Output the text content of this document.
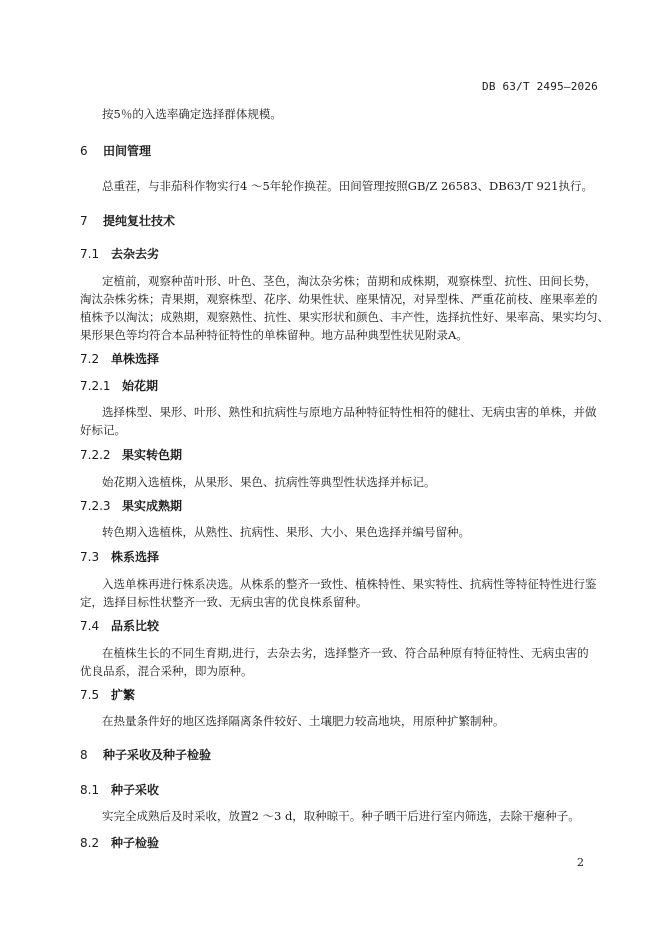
DB 63/T 2495—2026
按5％的入选率确定选择群体规模。
6 田间管理
总重茬，与非茄科作物实行4 ～5年轮作换茬。田间管理按照GB/Z 26583、DB63/T 921执行。
7 提纯复壮技术
7.1 去杂去劣
定植前，观察种苗叶形、叶色、茎色，淘汰杂劣株；苗期和成株期，观察株型、抗性、田间长势，
淘汰杂株劣株；青果期，观察株型、花序、幼果性状、座果情况，对异型株、严重花前枝、座果率差的
植株予以淘汰；成熟期，观察熟性、抗性、果实形状和颜色、丰产性，选择抗性好、果率高、果实均匀、
果形果色等均符合本品种特征特性的单株留种。地方品种典型性状见附录A。
7.2 单株选择
7.2.1 始花期
选择株型、果形、叶形、熟性和抗病性与原地方品种特征特性相符的健壮、无病虫害的单株，并做
好标记。
7.2.2 果实转色期
始花期入选植株，从果形、果色、抗病性等典型性状选择并标记。
7.2.3 果实成熟期
转色期入选植株，从熟性、抗病性、果形、大小、果色选择并编号留种。
7.3 株系选择
入选单株再进行株系决选。从株系的整齐一致性、植株特性、果实特性、抗病性等特征特性进行鉴
定，选择目标性状整齐一致、无病虫害的优良株系留种。
7.4 品系比较
在植株生长的不同生育期,进行，去杂去劣，选择整齐一致、符合品种原有特征特性、无病虫害的
优良品系，混合采种，即为原种。
7.5 扩繁
在热量条件好的地区选择隔离条件较好、土壤肥力较高地块，用原种扩繁制种。
8 种子采收及种子检验
8.1 种子采收
实完全成熟后及时采收，放置2 ～3 d，取种晾干。种子晒干后进行室内筛选，去除干瘪种子。
8.2 种子检验
2
